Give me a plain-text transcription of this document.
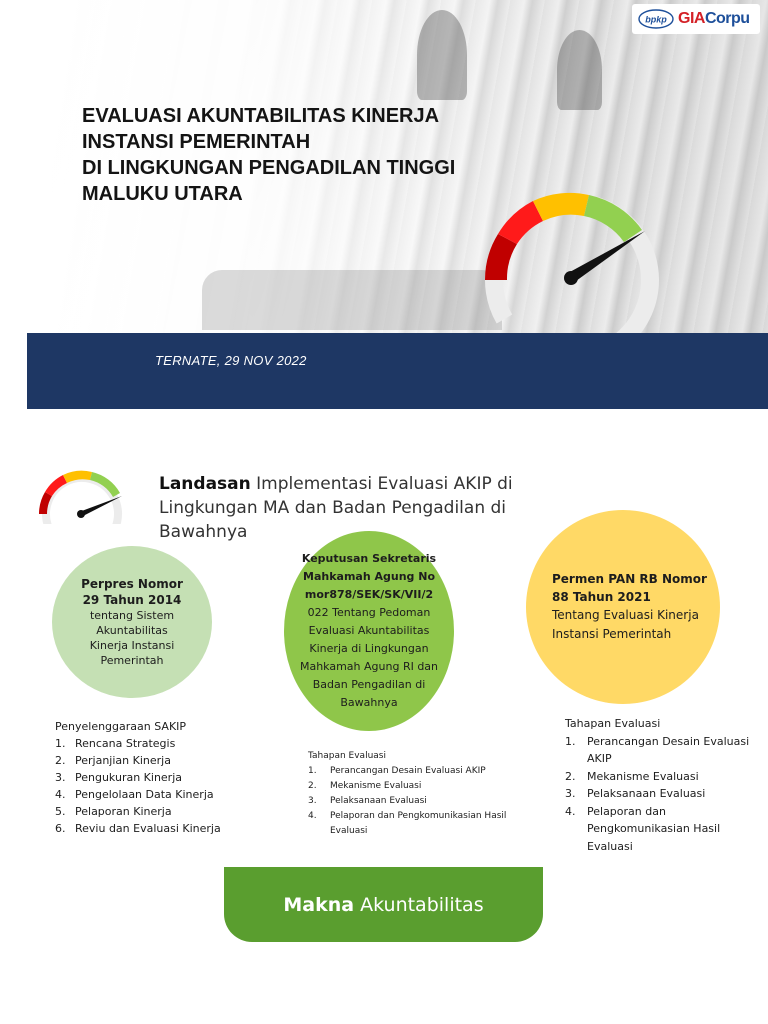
bpkp GIACorpu
EVALUASI AKUNTABILITAS KINERJA
INSTANSI PEMERINTAH
DI LINGKUNGAN PENGADILAN TINGGI
MALUKU UTARA
TERNATE, 29 NOV 2022

Landasan Implementasi Evaluasi AKIP di Lingkungan MA dan Badan Pengadilan di Bawahnya

Perpres Nomor 29 Tahun 2014
tentang Sistem Akuntabilitas Kinerja Instansi Pemerintah
Keputusan Sekretaris Mahkamah Agung Nomor878/SEK/SK/VII/2
022 Tentang Pedoman Evaluasi Akuntabilitas Kinerja di Lingkungan Mahkamah Agung RI dan Badan Pengadilan di Bawahnya
Permen PAN RB Nomor 88 Tahun 2021
Tentang Evaluasi Kinerja Instansi Pemerintah
Penyelenggaraan SAKIP
1. Rencana Strategis
2. Perjanjian Kinerja
3. Pengukuran Kinerja
4. Pengelolaan Data Kinerja
5. Pelaporan Kinerja
6. Reviu dan Evaluasi Kinerja
Tahapan Evaluasi
1.	Perancangan Desain Evaluasi AKIP
2.	Mekanisme Evaluasi
3.	Pelaksanaan Evaluasi
4.	Pelaporan dan Pengkomunikasian Hasil Evaluasi
Tahapan Evaluasi
1.	Perancangan Desain Evaluasi AKIP
2.	Mekanisme Evaluasi
3.	Pelaksanaan Evaluasi
4.	Pelaporan dan Pengkomunikasian Hasil Evaluasi
Makna Akuntabilitas
